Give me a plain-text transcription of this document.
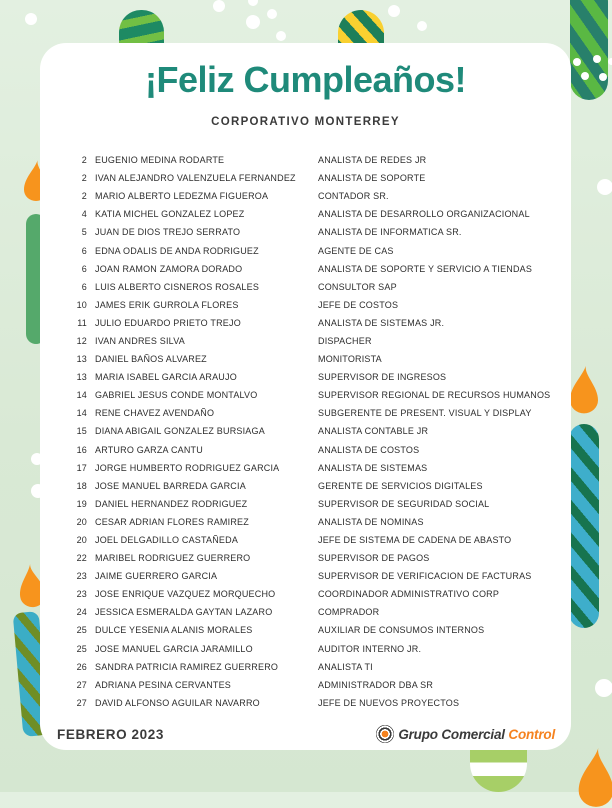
¡Feliz Cumpleaños!
CORPORATIVO MONTERREY
2 EUGENIO MEDINA RODARTE	ANALISTA DE REDES JR
2 IVAN ALEJANDRO VALENZUELA FERNANDEZ	ANALISTA DE SOPORTE
2 MARIO ALBERTO LEDEZMA FIGUEROA	CONTADOR SR.
4 KATIA MICHEL GONZALEZ LOPEZ	ANALISTA DE DESARROLLO ORGANIZACIONAL
5 JUAN DE DIOS TREJO SERRATO	ANALISTA DE INFORMATICA SR.
6 EDNA ODALIS DE ANDA RODRIGUEZ	AGENTE DE CAS
6 JOAN RAMON ZAMORA DORADO	ANALISTA DE SOPORTE Y SERVICIO A TIENDAS
6 LUIS ALBERTO CISNEROS ROSALES	CONSULTOR SAP
10 JAMES ERIK GURROLA FLORES	JEFE DE COSTOS
11 JULIO EDUARDO PRIETO TREJO	ANALISTA DE SISTEMAS JR.
12 IVAN ANDRES SILVA	DISPACHER
13 DANIEL BAÑOS ALVAREZ	MONITORISTA
13 MARIA ISABEL GARCIA ARAUJO	SUPERVISOR DE INGRESOS
14 GABRIEL JESUS CONDE MONTALVO	SUPERVISOR REGIONAL DE RECURSOS HUMANOS
14 RENE CHAVEZ AVENDAÑO	SUBGERENTE DE PRESENT. VISUAL Y DISPLAY
15 DIANA ABIGAIL GONZALEZ BURSIAGA	ANALISTA CONTABLE JR
16 ARTURO GARZA CANTU	ANALISTA DE COSTOS
17 JORGE HUMBERTO RODRIGUEZ GARCIA	ANALISTA DE SISTEMAS
18 JOSE MANUEL BARREDA GARCIA	GERENTE DE SERVICIOS DIGITALES
19 DANIEL HERNANDEZ RODRIGUEZ	SUPERVISOR DE SEGURIDAD SOCIAL
20 CESAR ADRIAN FLORES RAMIREZ	ANALISTA DE NOMINAS
20 JOEL DELGADILLO CASTAÑEDA	JEFE DE SISTEMA DE CADENA DE ABASTO
22 MARIBEL RODRIGUEZ GUERRERO	SUPERVISOR DE PAGOS
23 JAIME GUERRERO GARCIA	SUPERVISOR DE VERIFICACION DE FACTURAS
23 JOSE ENRIQUE VAZQUEZ MORQUECHO	COORDINADOR ADMINISTRATIVO CORP
24 JESSICA ESMERALDA GAYTAN LAZARO	COMPRADOR
25 DULCE YESENIA ALANIS MORALES	AUXILIAR DE CONSUMOS INTERNOS
25 JOSE MANUEL GARCIA JARAMILLO	AUDITOR INTERNO JR.
26 SANDRA PATRICIA RAMIREZ GUERRERO	ANALISTA TI
27 ADRIANA PESINA CERVANTES	ADMINISTRADOR DBA SR
27 DAVID ALFONSO AGUILAR NAVARRO	JEFE DE NUEVOS PROYECTOS
FEBRERO 2023	Grupo Comercial Control
